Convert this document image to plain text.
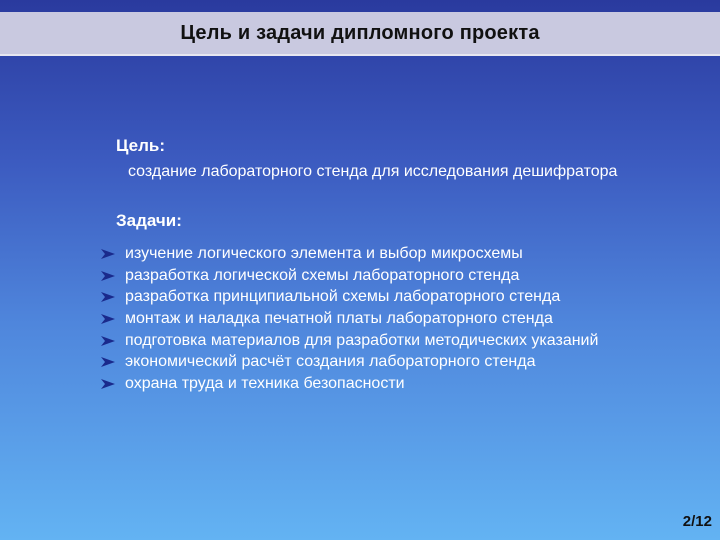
Цель и задачи дипломного проекта
Цель:
создание лабораторного стенда для исследования дешифратора
Задачи:
изучение логического элемента и выбор микросхемы
разработка логической схемы лабораторного стенда
разработка принципиальной схемы лабораторного стенда
монтаж и наладка печатной платы лабораторного стенда
подготовка материалов для разработки методических указаний
экономический расчёт создания лабораторного стенда
охрана труда и техника безопасности
2/12
